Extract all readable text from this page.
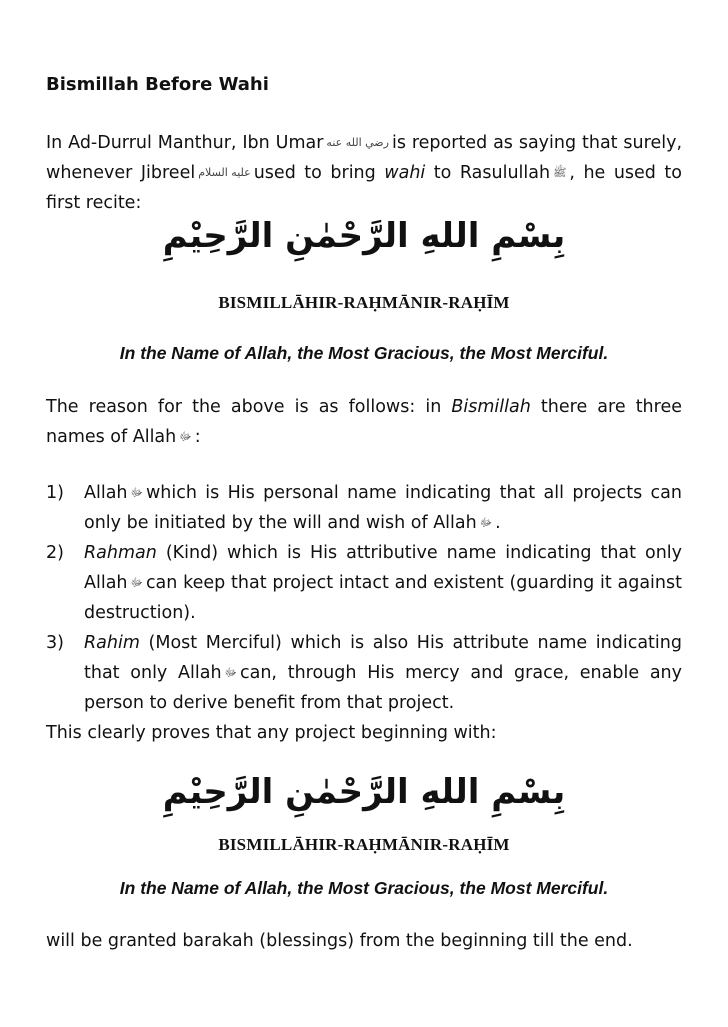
Bismillah Before Wahi
In Ad-Durrul Manthur, Ibn Umar رضي الله عنه is reported as saying that surely, whenever Jibreel عليه السلام used to bring wahi to Rasulullah ﷺ , he used to first recite:
بِسْمِ اللهِ الرَّحْمٰنِ الرَّحِيْمِ
BISMILLĀHIR-RAḤMĀNIR-RAḤĪM
In the Name of Allah, the Most Gracious, the Most Merciful.
The reason for the above is as follows: in Bismillah there are three names of Allah ﷻ :
1) Allah ﷻ which is His personal name indicating that all projects can only be initiated by the will and wish of Allah ﷻ .
2) Rahman (Kind) which is His attributive name indicating that only Allah ﷻ can keep that project intact and existent (guarding it against destruction).
3) Rahim (Most Merciful) which is also His attribute name indicating that only Allah ﷻ can, through His mercy and grace, enable any person to derive benefit from that project.
This clearly proves that any project beginning with:
بِسْمِ اللهِ الرَّحْمٰنِ الرَّحِيْمِ
BISMILLĀHIR-RAḤMĀNIR-RAḤĪM
In the Name of Allah, the Most Gracious, the Most Merciful.
will be granted barakah (blessings) from the beginning till the end.
